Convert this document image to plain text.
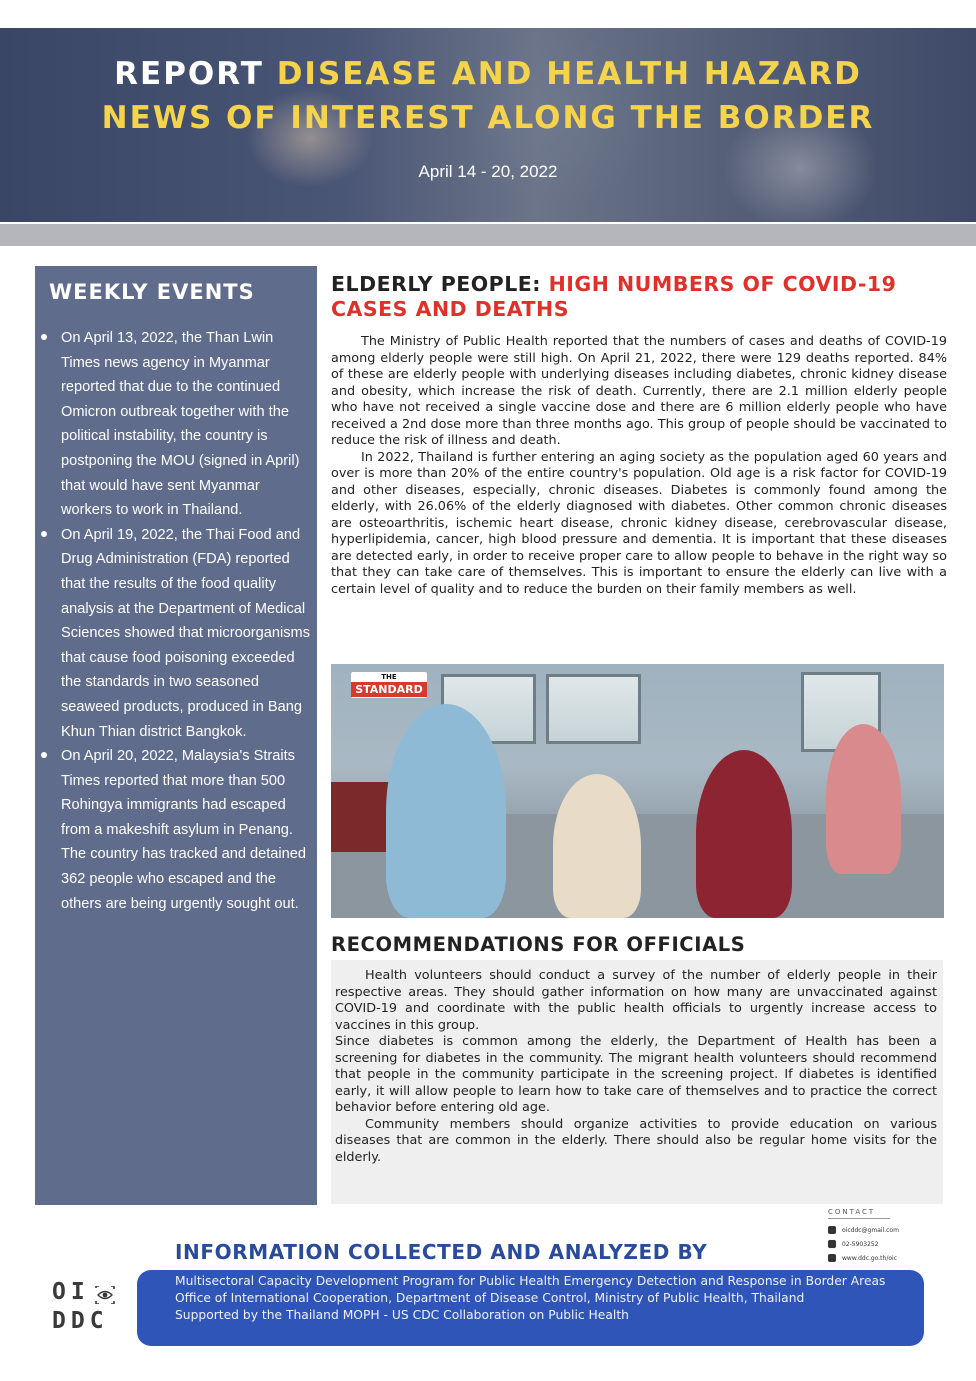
REPORT DISEASE AND HEALTH HAZARD
NEWS OF INTEREST ALONG THE BORDER
April 14 - 20, 2022
WEEKLY EVENTS
On April 13, 2022, the Than Lwin Times news agency in Myanmar reported that due to the continued Omicron outbreak together with the political instability, the country is postponing the MOU (signed in April) that would have sent Myanmar workers to work in Thailand.
On April 19, 2022, the Thai Food and Drug Administration (FDA) reported that the results of the food quality analysis at the Department of Medical Sciences showed that microorganisms that cause food poisoning exceeded the standards in two seasoned seaweed products, produced in Bang Khun Thian district Bangkok.
On April 20, 2022, Malaysia's Straits Times reported that more than 500 Rohingya immigrants had escaped from a makeshift asylum in Penang. The country has tracked and detained 362 people who escaped and the others are being urgently sought out.
ELDERLY PEOPLE: HIGH NUMBERS OF COVID-19 CASES AND DEATHS

The Ministry of Public Health reported that the numbers of cases and deaths of COVID-19 among elderly people were still high. On April 21, 2022, there were 129 deaths reported. 84% of these are elderly people with underlying diseases including diabetes, chronic kidney disease and obesity, which increase the risk of death. Currently, there are 2.1 million elderly people who have not received a single vaccine dose and there are 6 million elderly people who have received a 2nd dose more than three months ago. This group of people should be vaccinated to reduce the risk of illness and death.

In 2022, Thailand is further entering an aging society as the population aged 60 years and over is more than 20% of the entire country's population. Old age is a risk factor for COVID-19 and other diseases, especially, chronic diseases. Diabetes is commonly found among the elderly, with 26.06% of the elderly diagnosed with diabetes. Other common chronic diseases are osteoarthritis, ischemic heart disease, chronic kidney disease, cerebrovascular disease, hyperlipidemia, cancer, high blood pressure and dementia. It is important that these diseases are detected early, in order to receive proper care to allow people to behave in the right way so that they can take care of themselves. This is important to ensure the elderly can live with a certain level of quality and to reduce the burden on their family members as well.

THE
STANDARD
RECOMMENDATIONS FOR OFFICIALS

Health volunteers should conduct a survey of the number of elderly people in their respective areas. They should gather information on how many are unvaccinated against COVID-19 and coordinate with the public health officials to urgently increase access to vaccines in this group.

Since diabetes is common among the elderly, the Department of Health has been a screening for diabetes in the community. The migrant health volunteers should recommend that people in the community participate in the screening project. If diabetes is identified early, it will allow people to learn how to take care of themselves and to practice the correct behavior before entering old age.

Community members should organize activities to provide education on various diseases that are common in the elderly. There should also be regular home visits for the elderly.

CONTACT
oicddc@gmail.com
02-5903252
www.ddc.go.th/oic
INFORMATION COLLECTED AND ANALYZED BY
Multisectoral Capacity Development Program for Public Health Emergency Detection and Response in Border Areas
Office of International Cooperation, Department of Disease Control, Ministry of Public Health, Thailand
Supported by the Thailand MOPH - US CDC Collaboration on Public Health
OI
DDC
